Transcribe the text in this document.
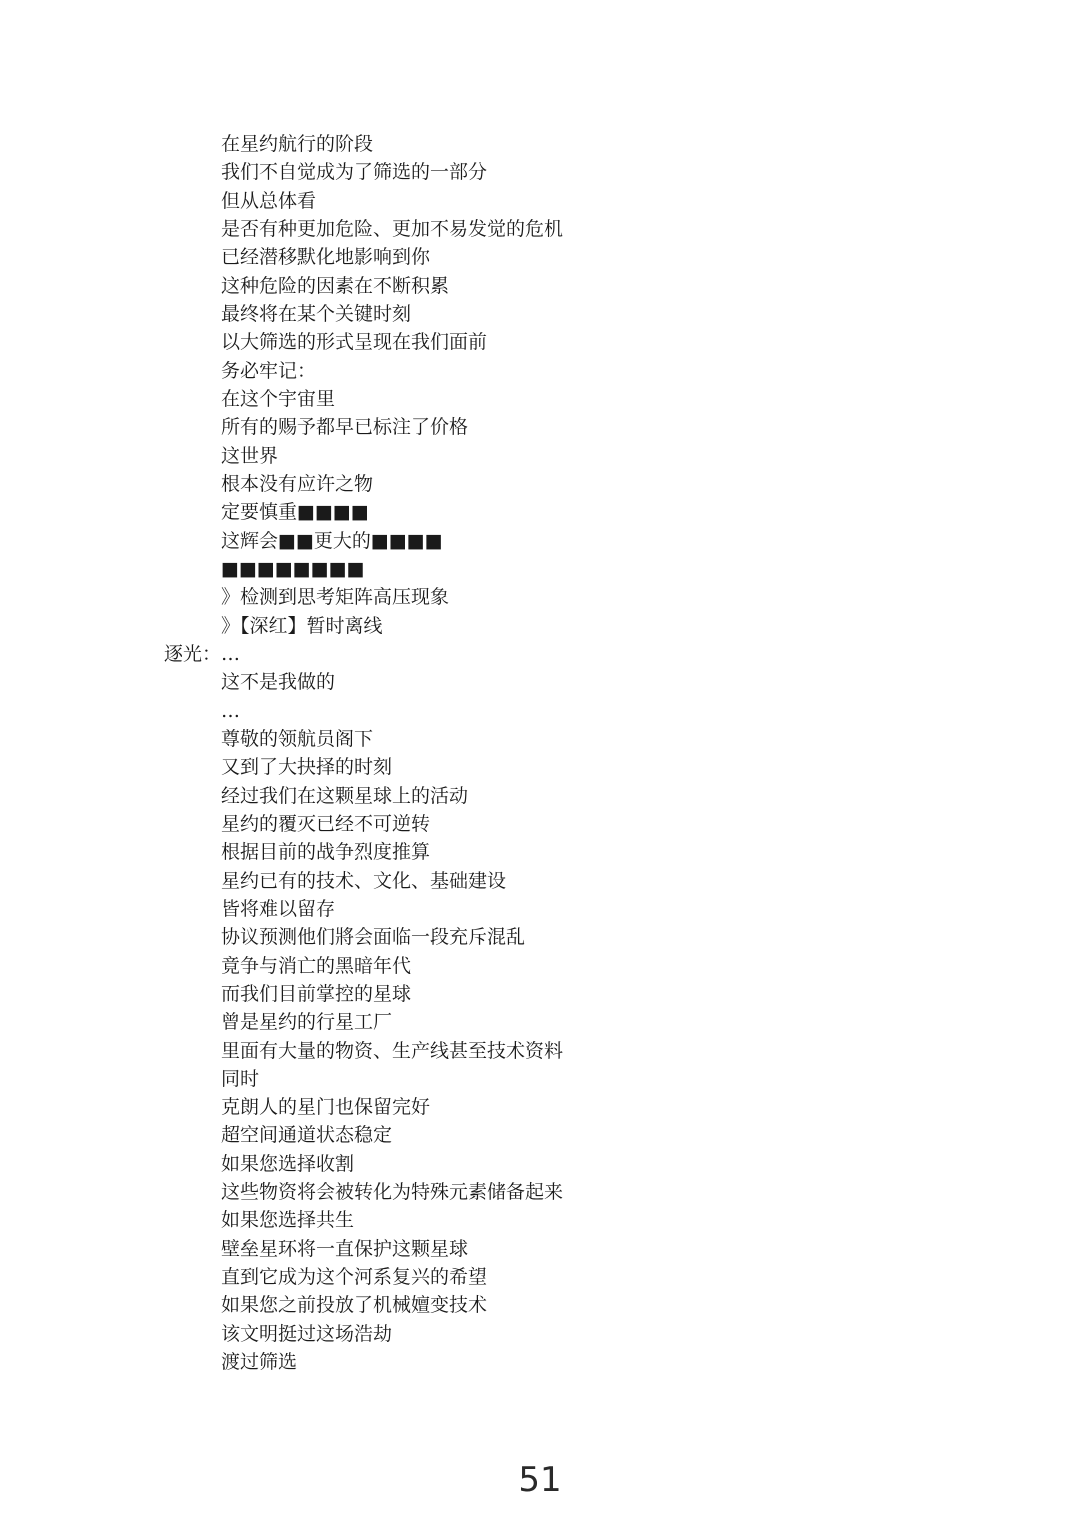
在星约航行的阶段
我们不自觉成为了筛选的一部分
但从总体看
是否有种更加危险、更加不易发觉的危机
已经潜移默化地影响到你
这种危险的因素在不断积累
最终将在某个关键时刻
以大筛选的形式呈现在我们面前
务必牢记：
在这个宇宙里
所有的赐予都早已标注了价格
这世界
根本没有应许之物
定要慎重■■■■
这辉会■■更大的■■■■
■■■■■■■■
》检测到思考矩阵高压现象
》【深红】暂时离线
逐光： …
这不是我做的
…
尊敬的领航员阁下
又到了大抉择的时刻
经过我们在这颗星球上的活动
星约的覆灭已经不可逆转
根据目前的战争烈度推算
星约已有的技术、文化、基础建设
皆将难以留存
协议预测他们將会面临一段充斥混乱
竟争与消亡的黑暗年代
而我们目前掌控的星球
曾是星约的行星工厂
里面有大量的物资、生产线甚至技术资料
同时
克朗人的星门也保留完好
超空间通道状态稳定
如果您选择收割
这些物资将会被转化为特殊元素储备起来
如果您选择共生
壁垒星环将一直保护这颗星球
直到它成为这个河系复兴的希望
如果您之前投放了机械嬗变技术
该文明挺过这场浩劫
渡过筛选
51
